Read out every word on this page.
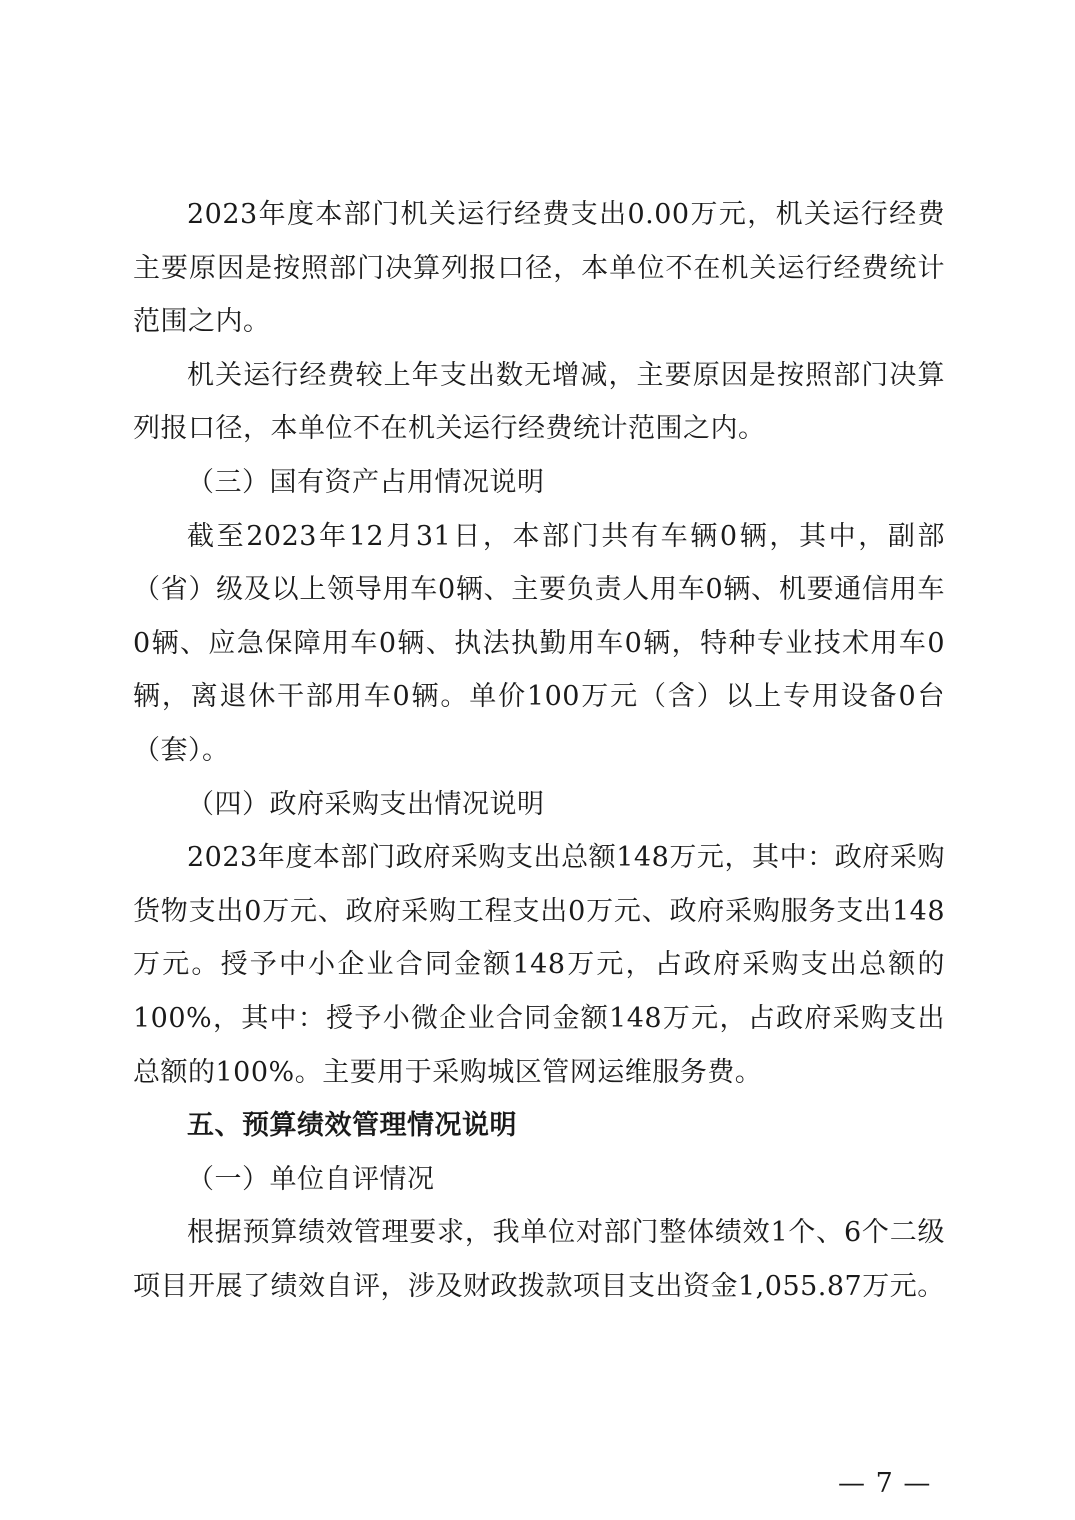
2023年度本部门机关运行经费支出0.00万元，机关运行经费主要原因是按照部门决算列报口径，本单位不在机关运行经费统计范围之内。

机关运行经费较上年支出数无增减，主要原因是按照部门决算列报口径，本单位不在机关运行经费统计范围之内。

（三）国有资产占用情况说明

截至2023年12月31日，本部门共有车辆0辆，其中，副部（省）级及以上领导用车0辆、主要负责人用车0辆、机要通信用车0辆、应急保障用车0辆、执法执勤用车0辆，特种专业技术用车0辆，离退休干部用车0辆。单价100万元（含）以上专用设备0台（套）。

（四）政府采购支出情况说明

2023年度本部门政府采购支出总额148万元，其中：政府采购货物支出0万元、政府采购工程支出0万元、政府采购服务支出148万元。授予中小企业合同金额148万元，占政府采购支出总额的100%，其中：授予小微企业合同金额148万元，占政府采购支出总额的100%。主要用于采购城区管网运维服务费。

五、预算绩效管理情况说明

（一）单位自评情况

根据预算绩效管理要求，我单位对部门整体绩效1个、6个二级项目开展了绩效自评，涉及财政拨款项目支出资金1,055.87万元。

— 7 —
